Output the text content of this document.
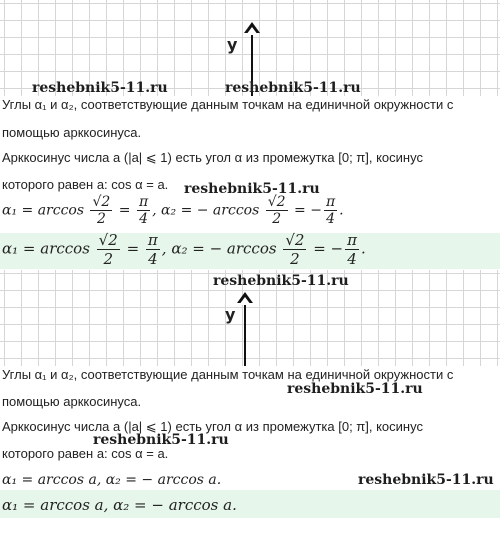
y
reshebnik5-11.ru	reshebnik5-11.ru
Углы α₁ и α₂, соответствующие данным точкам на единичной окружности с
помощью арккосинуса.
Арккосинус числа a (|a| ⩽ 1) есть угол α из промежутка [0; π], косинус
которого равен a: cos α = a. reshebnik5-11.ru
$\alpha_1 = \arccos \frac{√2}{2} = \frac{\pi}{4}$ , α₂ = − $\arccos \frac{√2}{2}$ = − $\frac{\pi}{4}$ .
$\alpha_1 = \arccos \frac{√2}{2} = \frac{\pi}{4}$ , α₂ = − $\arccos \frac{√2}{2}$ = − $\frac{\pi}{4}$ .
y
reshebnik5-11.ru
Углы α₁ и α₂, соответствующие данным точкам на единичной окружности с
reshebnik5-11.ru
помощью арккосинуса.
Арккосинус числа a (|a| ⩽ 1) есть угол α из промежутка [0; π], косинус
reshebnik5-11.ru
которого равен a: cos α = a.
α₁ = arccos a, α₂ = − arccos a.	reshebnik5-11.ru
α₁ = arccos a, α₂ = − arccos a.
